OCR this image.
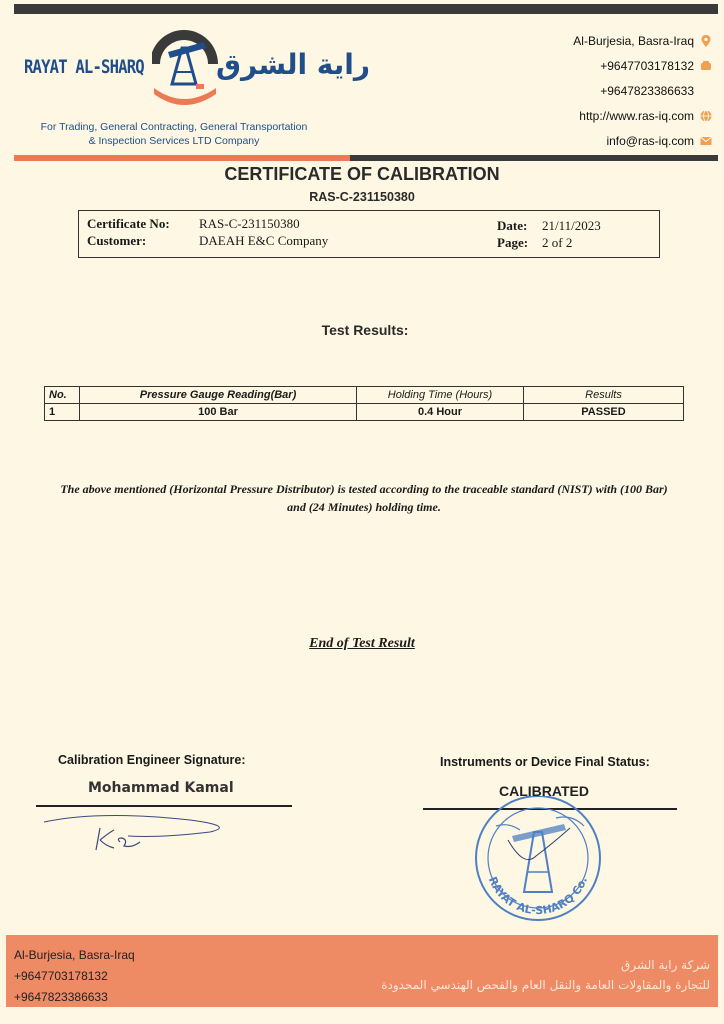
RAYAT AL-SHARQ	راية الشرق
For Trading, General Contracting, General Transportation
& Inspection Services LTD Company
Al-Burjesia, Basra-Iraq
+9647703178132
+9647823386633
http://www.ras-iq.com
info@ras-iq.com
CERTIFICATE OF CALIBRATION
RAS-C-231150380
Certificate No: RAS-C-231150380
Customer:	DAEAH E&C Company
Date: 21/11/2023
Page: 2 of 2
Test Results:
No.	Pressure Gauge Reading(Bar)	Holding Time (Hours)	Results
1	100 Bar	0.4 Hour	PASSED
The above mentioned (Horizontal Pressure Distributor) is tested according to the traceable standard (NIST) with (100 Bar)
and (24 Minutes) holding time.
End of Test Result
Calibration Engineer Signature:
Mohammad Kamal
Instruments or Device Final Status:
CALIBRATED
RAYAT AL-SHARQ Co.
Al-Burjesia, Basra-Iraq
+9647703178132
+9647823386633
شركة راية الشرق
للتجارة والمقاولات العامة والنقل العام والفحص الهندسي المحدودة
